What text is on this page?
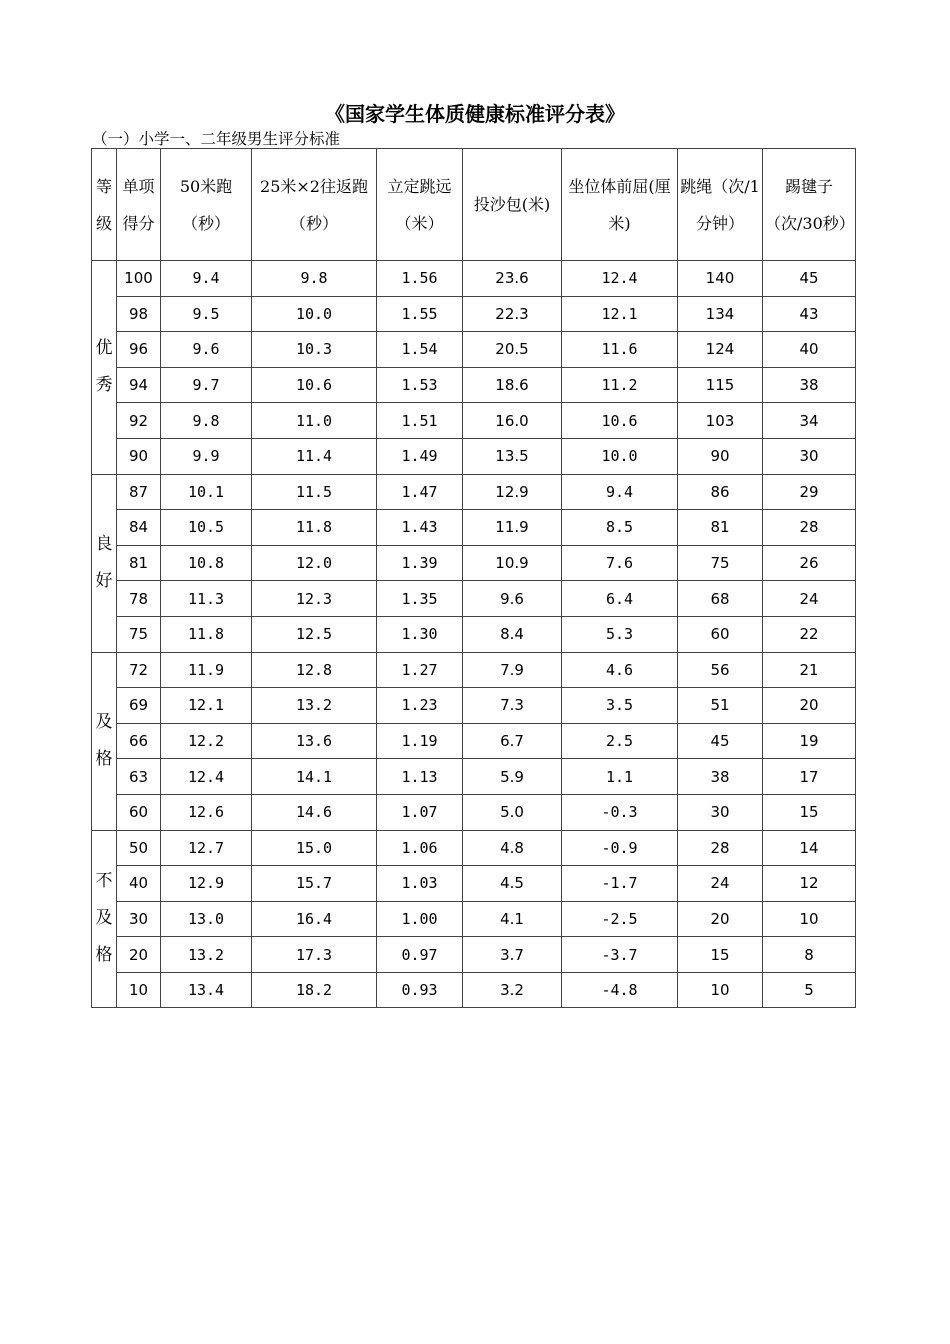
《国家学生体质健康标准评分表》
（一）小学一、二年级男生评分标准
等级	单项得分	50米跑（秒）	25米×2往返跑（秒）	立定跳远（米）	投沙包(米)	坐位体前屈(厘米)	跳绳（次/1分钟）	踢毽子（次/30秒）
优秀	100	9.4	9.8	1.56	23.6	12.4	140	45
	98	9.5	10.0	1.55	22.3	12.1	134	43
	96	9.6	10.3	1.54	20.5	11.6	124	40
	94	9.7	10.6	1.53	18.6	11.2	115	38
	92	9.8	11.0	1.51	16.0	10.6	103	34
	90	9.9	11.4	1.49	13.5	10.0	90	30
良好	87	10.1	11.5	1.47	12.9	9.4	86	29
	84	10.5	11.8	1.43	11.9	8.5	81	28
	81	10.8	12.0	1.39	10.9	7.6	75	26
	78	11.3	12.3	1.35	9.6	6.4	68	24
	75	11.8	12.5	1.30	8.4	5.3	60	22
及格	72	11.9	12.8	1.27	7.9	4.6	56	21
	69	12.1	13.2	1.23	7.3	3.5	51	20
	66	12.2	13.6	1.19	6.7	2.5	45	19
	63	12.4	14.1	1.13	5.9	1.1	38	17
	60	12.6	14.6	1.07	5.0	-0.3	30	15
不及格	50	12.7	15.0	1.06	4.8	-0.9	28	14
	40	12.9	15.7	1.03	4.5	-1.7	24	12
	30	13.0	16.4	1.00	4.1	-2.5	20	10
	20	13.2	17.3	0.97	3.7	-3.7	15	8
	10	13.4	18.2	0.93	3.2	-4.8	10	5
